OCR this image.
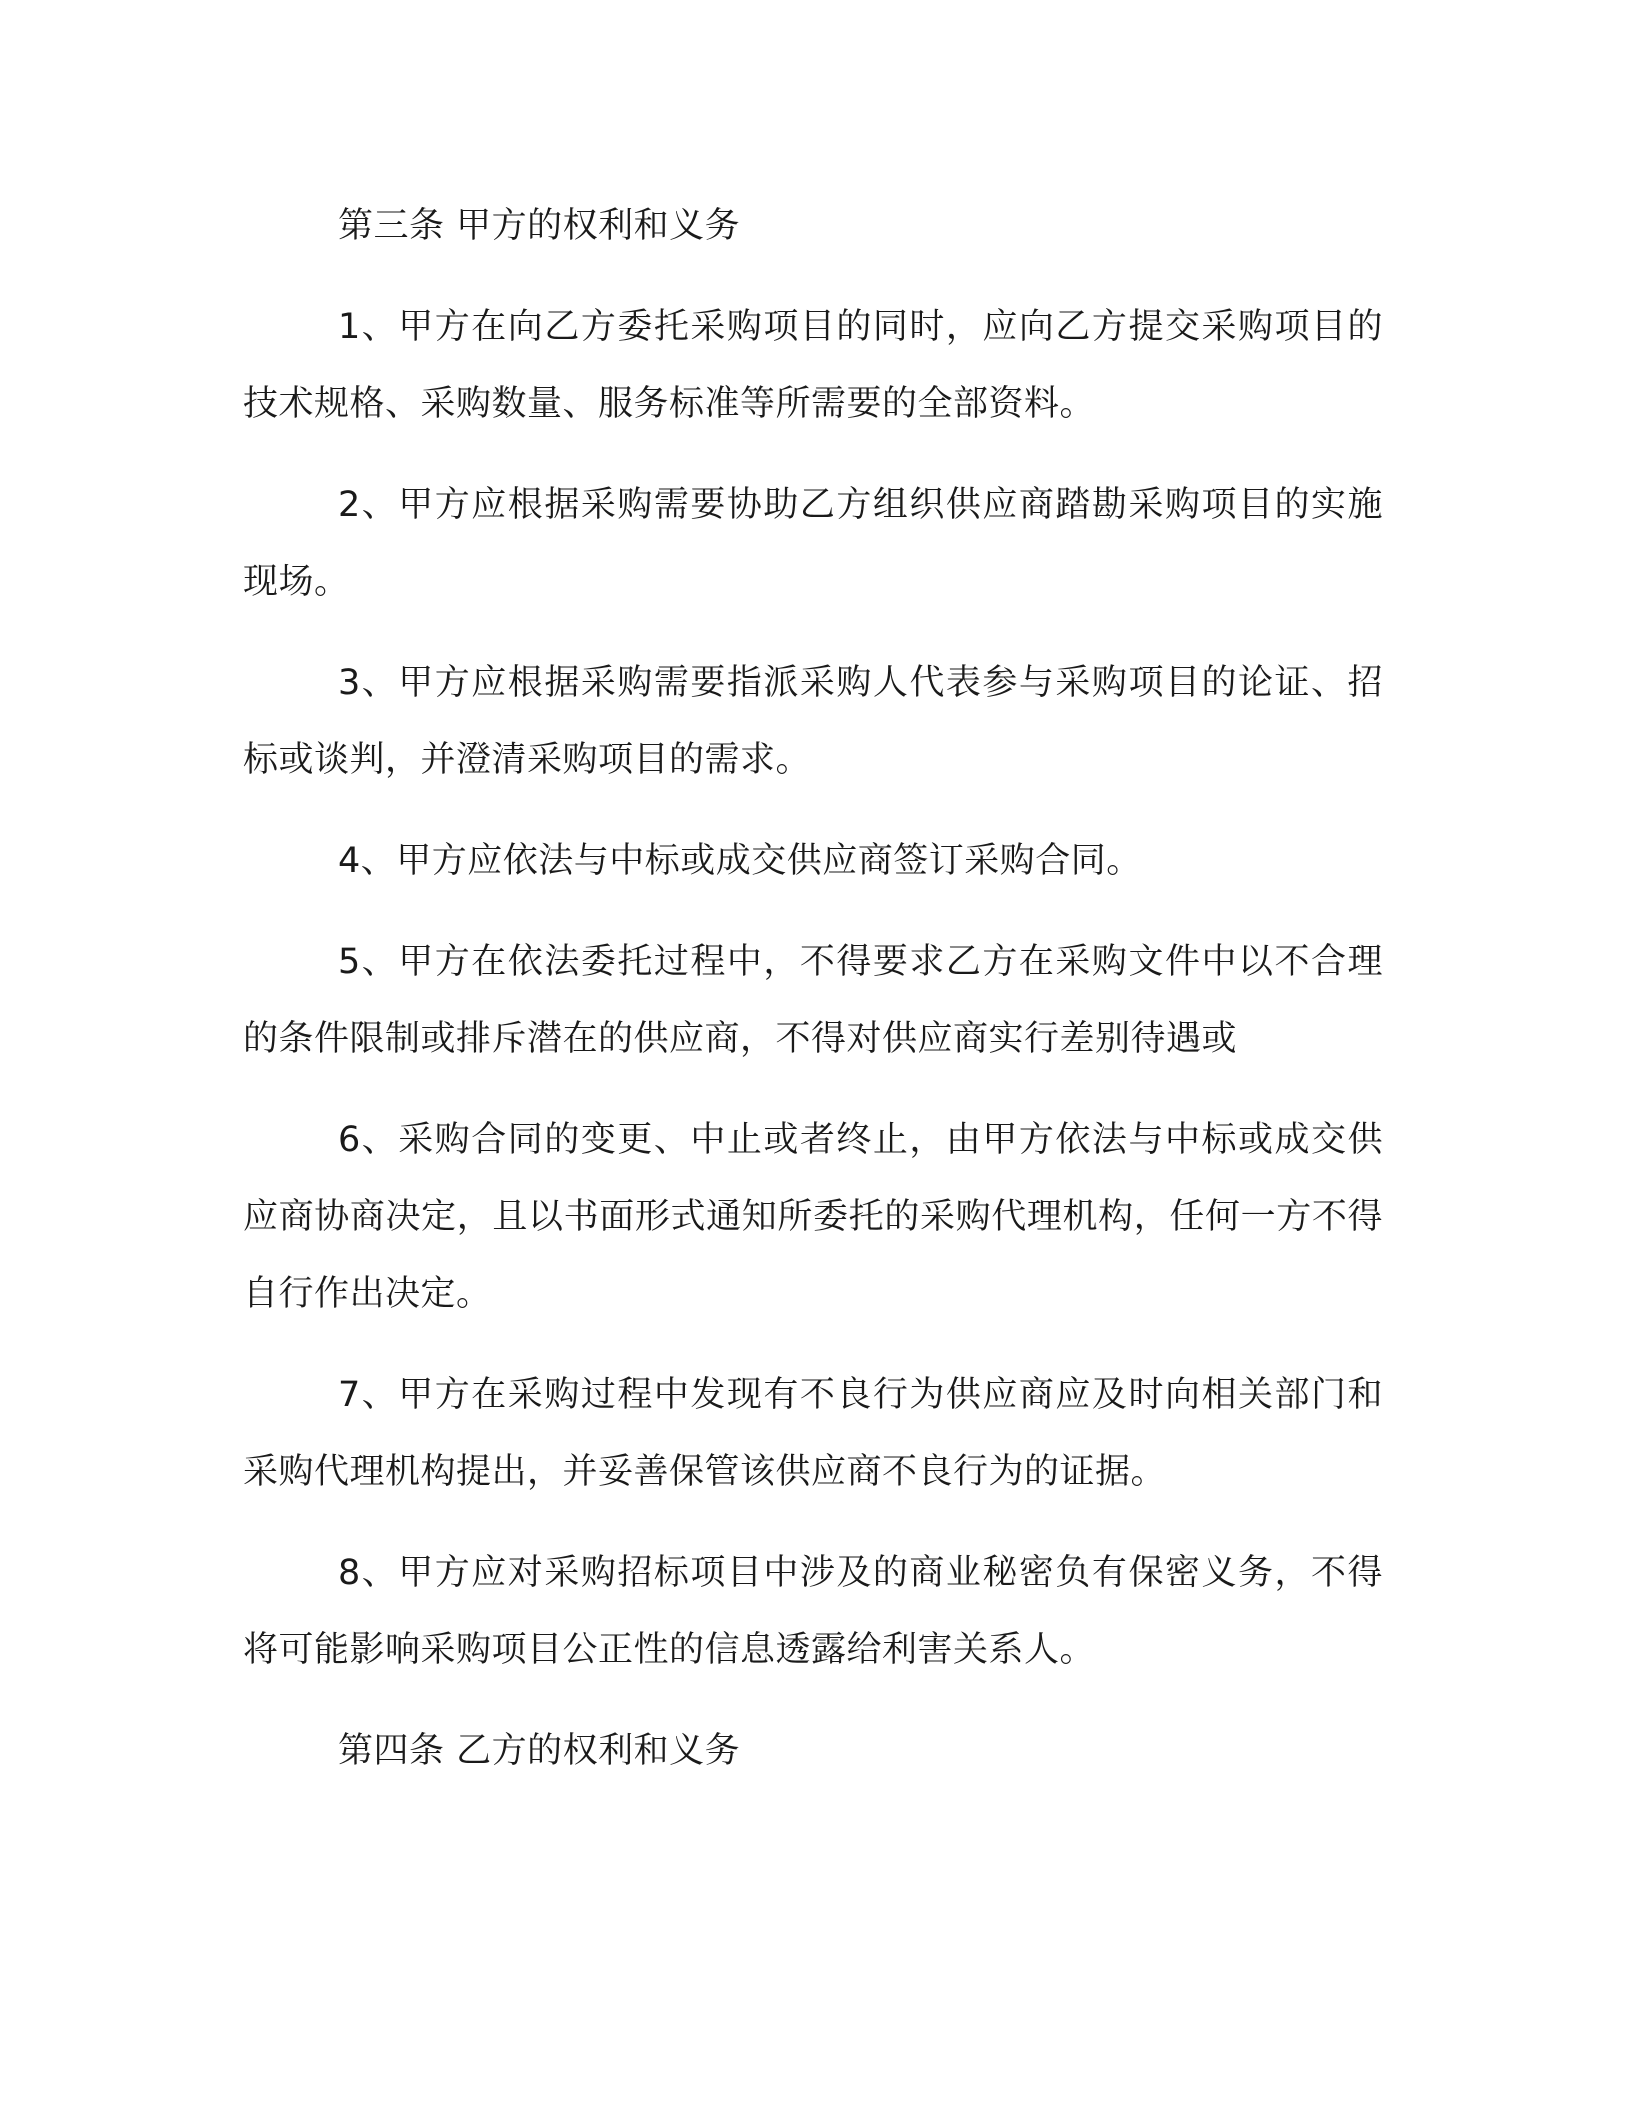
第三条 甲方的权利和义务

1、甲方在向乙方委托采购项目的同时，应向乙方提交采购项目的技术规格、采购数量、服务标准等所需要的全部资料。

2、甲方应根据采购需要协助乙方组织供应商踏勘采购项目的实施现场。

3、甲方应根据采购需要指派采购人代表参与采购项目的论证、招标或谈判，并澄清采购项目的需求。

4、甲方应依法与中标或成交供应商签订采购合同。

5、甲方在依法委托过程中，不得要求乙方在采购文件中以不合理的条件限制或排斥潜在的供应商，不得对供应商实行差别待遇或

6、采购合同的变更、中止或者终止，由甲方依法与中标或成交供应商协商决定，且以书面形式通知所委托的采购代理机构，任何一方不得自行作出决定。

7、甲方在采购过程中发现有不良行为供应商应及时向相关部门和采购代理机构提出，并妥善保管该供应商不良行为的证据。

8、甲方应对采购招标项目中涉及的商业秘密负有保密义务，不得将可能影响采购项目公正性的信息透露给利害关系人。

第四条 乙方的权利和义务
